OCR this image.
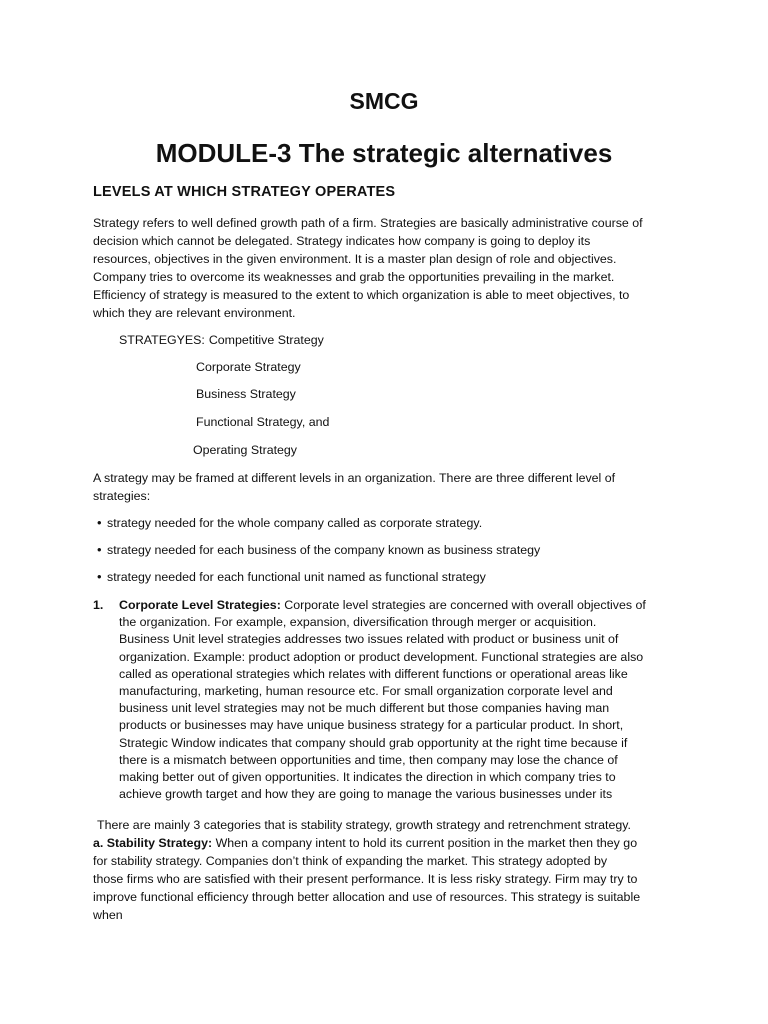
SMCG
MODULE-3 The strategic alternatives
LEVELS AT WHICH STRATEGY OPERATES
Strategy refers to well defined growth path of a firm. Strategies are basically administrative course of
decision which cannot be delegated. Strategy indicates how company is going to deploy its
resources, objectives in the given environment. It is a master plan design of role and objectives.
Company tries to overcome its weaknesses and grab the opportunities prevailing in the market.
Efficiency of strategy is measured to the extent to which organization is able to meet objectives, to
which they are relevant environment.
STRATEGYES: Competitive Strategy
Corporate Strategy
Business Strategy
Functional Strategy, and
Operating Strategy
A strategy may be framed at different levels in an organization. There are three different level of
strategies:
• strategy needed for the whole company called as corporate strategy.
• strategy needed for each business of the company known as business strategy
• strategy needed for each functional unit named as functional strategy
1. Corporate Level Strategies: Corporate level strategies are concerned with overall objectives of
the organization. For example, expansion, diversification through merger or acquisition.
Business Unit level strategies addresses two issues related with product or business unit of
organization. Example: product adoption or product development. Functional strategies are also
called as operational strategies which relates with different functions or operational areas like
manufacturing, marketing, human resource etc. For small organization corporate level and
business unit level strategies may not be much different but those companies having man
products or businesses may have unique business strategy for a particular product. In short,
Strategic Window indicates that company should grab opportunity at the right time because if
there is a mismatch between opportunities and time, then company may lose the chance of
making better out of given opportunities. It indicates the direction in which company tries to
achieve growth target and how they are going to manage the various businesses under its
There are mainly 3 categories that is stability strategy, growth strategy and retrenchment strategy.
a. Stability Strategy: When a company intent to hold its current position in the market then they go
for stability strategy. Companies don’t think of expanding the market. This strategy adopted by
those firms who are satisfied with their present performance. It is less risky strategy. Firm may try to
improve functional efficiency through better allocation and use of resources. This strategy is suitable
when
